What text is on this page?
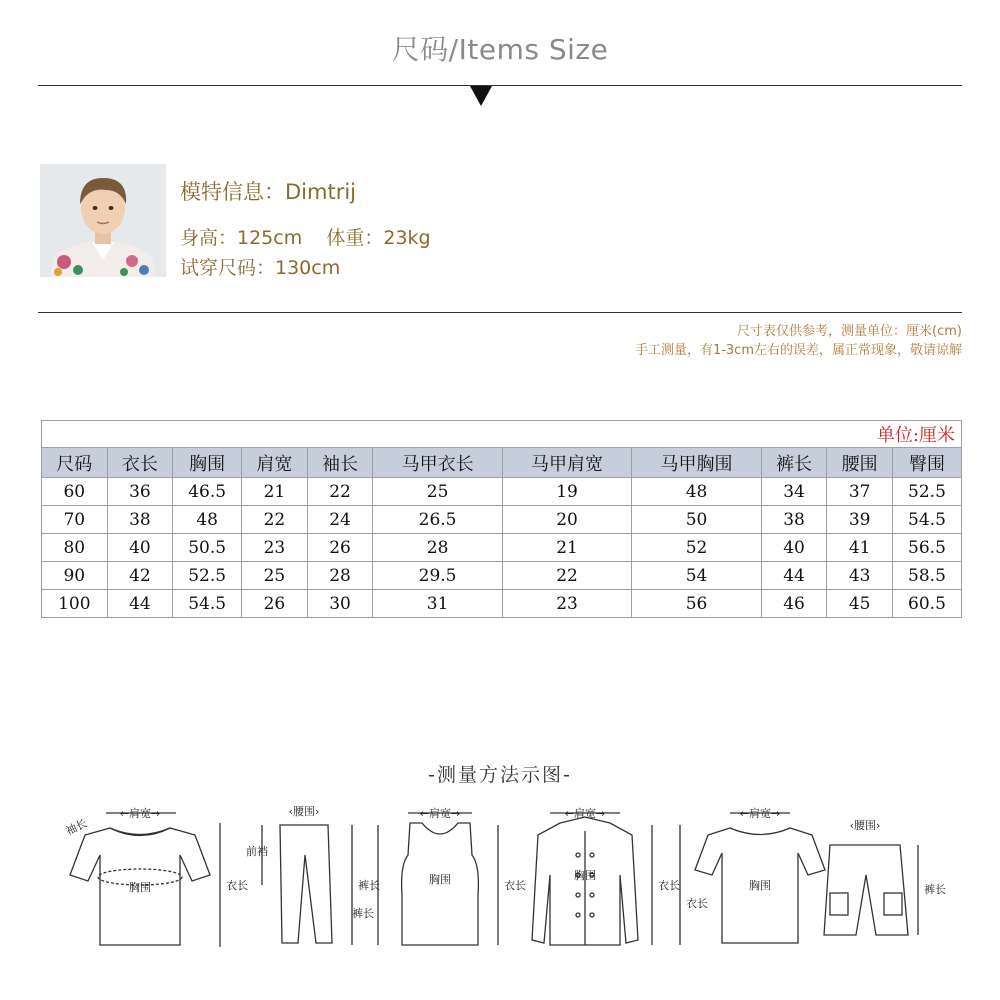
尺码/Items Size
模特信息：Dimtrij
身高：125cm    体重：23kg
试穿尺码：130cm
尺寸表仅供参考，测量单位：厘米(cm)
手工测量，有1-3cm左右的误差，属正常现象，敬请谅解
单位:厘米										
尺码	衣长	胸围	肩宽	袖长	马甲衣长	马甲肩宽	马甲胸围	裤长	腰围	臀围
60	36	46.5	21	22	25	19	48	34	37	52.5
70	38	48	22	24	26.5	20	50	38	39	54.5
80	40	50.5	23	26	28	21	52	40	41	56.5
90	42	52.5	25	28	29.5	22	54	44	43	58.5
100	44	54.5	26	30	31	23	56	46	45	60.5
-测量方法示图-
←肩宽→
袖长
胸围	衣长
‹腰围›
前裆
裤长
←肩宽→
胸围
裤长
衣长
←肩宽→
胸围
衣长
←肩宽→
胸围
衣长
‹腰围›
裤长
